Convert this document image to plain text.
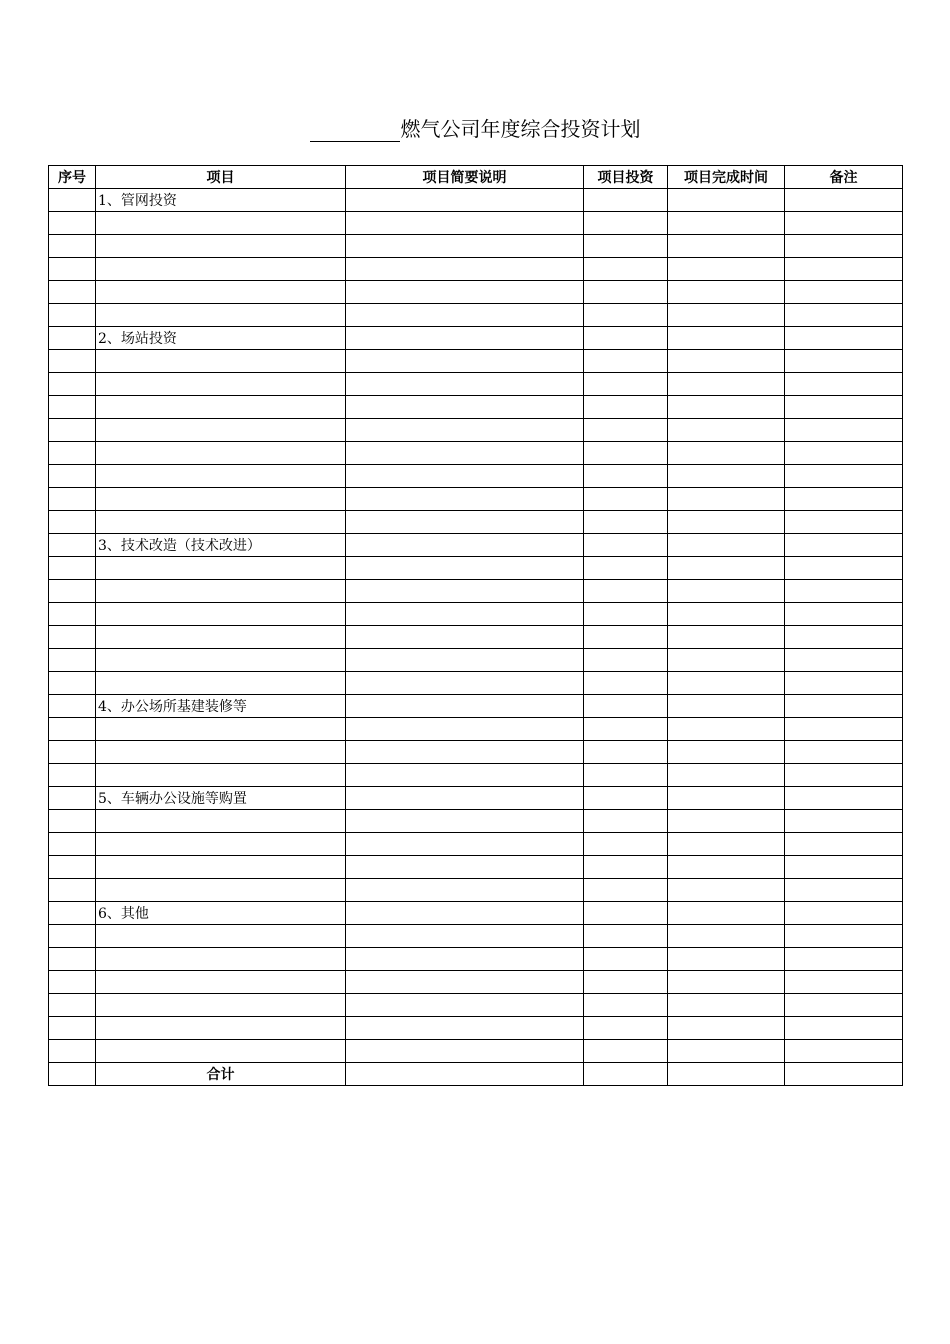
燃气公司年度综合投资计划
序号	项目	项目简要说明	项目投资	项目完成时间	备注
	1、管网投资				

	2、场站投资				

	3、技术改造（技术改进）				

	4、办公场所基建装修等				

	5、车辆办公设施等购置				

	6、其他				

	合计				
